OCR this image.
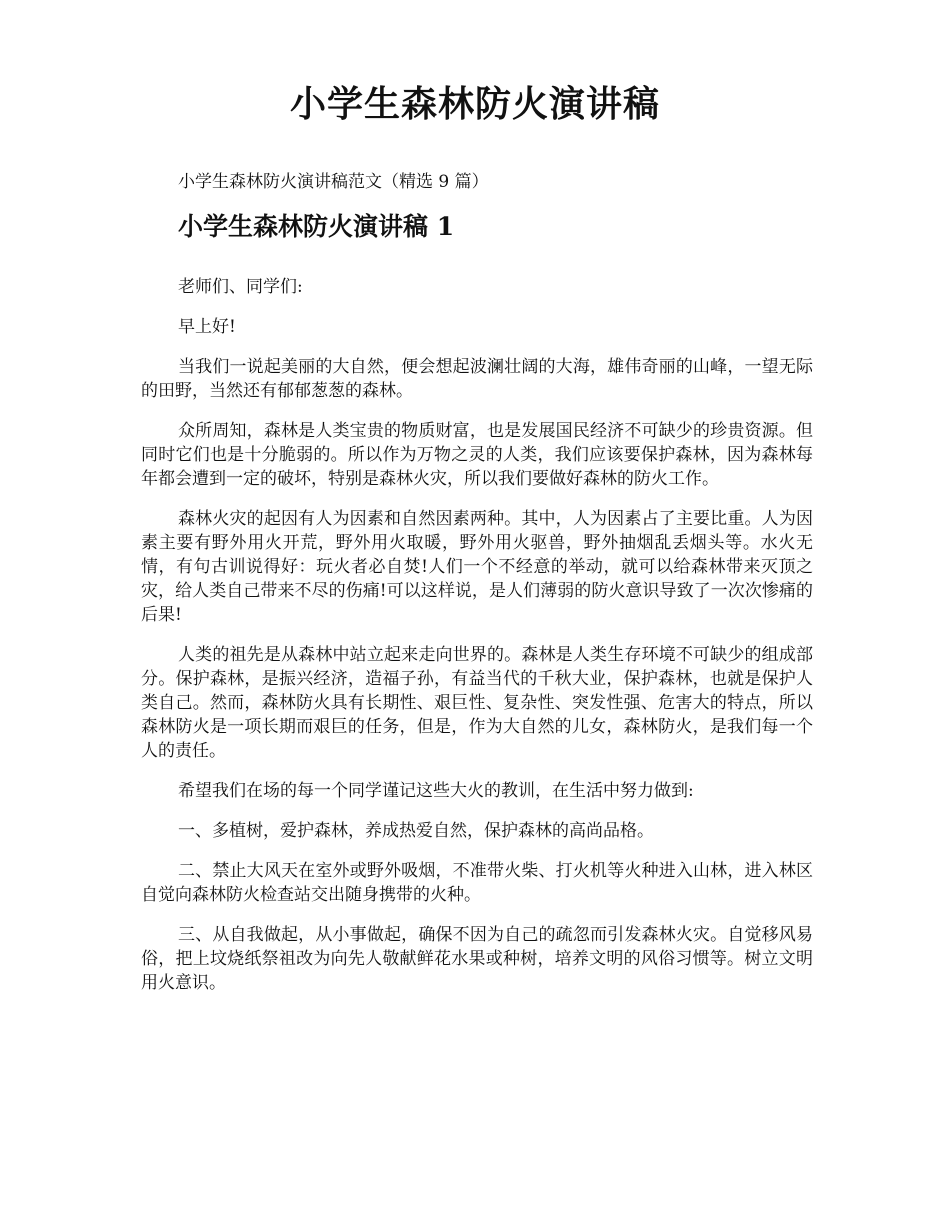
小学生森林防火演讲稿

小学生森林防火演讲稿范文（精选 9 篇）

小学生森林防火演讲稿 1

老师们、同学们:

早上好!

当我们一说起美丽的大自然，便会想起波澜壮阔的大海，雄伟奇丽的山峰，一望无际的田野，当然还有郁郁葱葱的森林。

众所周知，森林是人类宝贵的物质财富，也是发展国民经济不可缺少的珍贵资源。但同时它们也是十分脆弱的。所以作为万物之灵的人类，我们应该要保护森林，因为森林每年都会遭到一定的破坏，特别是森林火灾，所以我们要做好森林的防火工作。

森林火灾的起因有人为因素和自然因素两种。其中，人为因素占了主要比重。人为因素主要有野外用火开荒，野外用火取暖，野外用火驱兽，野外抽烟乱丢烟头等。水火无情，有句古训说得好：玩火者必自焚!人们一个不经意的举动，就可以给森林带来灭顶之灾，给人类自己带来不尽的伤痛!可以这样说，是人们薄弱的防火意识导致了一次次惨痛的后果!

人类的祖先是从森林中站立起来走向世界的。森林是人类生存环境不可缺少的组成部分。保护森林，是振兴经济，造福子孙，有益当代的千秋大业，保护森林，也就是保护人类自己。然而，森林防火具有长期性、艰巨性、复杂性、突发性强、危害大的特点，所以森林防火是一项长期而艰巨的任务，但是，作为大自然的儿女，森林防火，是我们每一个人的责任。

希望我们在场的每一个同学谨记这些大火的教训，在生活中努力做到:

一、多植树，爱护森林，养成热爱自然，保护森林的高尚品格。

二、禁止大风天在室外或野外吸烟，不准带火柴、打火机等火种进入山林，进入林区自觉向森林防火检查站交出随身携带的火种。

三、从自我做起，从小事做起，确保不因为自己的疏忽而引发森林火灾。自觉移风易俗，把上坟烧纸祭祖改为向先人敬献鲜花水果或种树，培养文明的风俗习惯等。树立文明用火意识。
